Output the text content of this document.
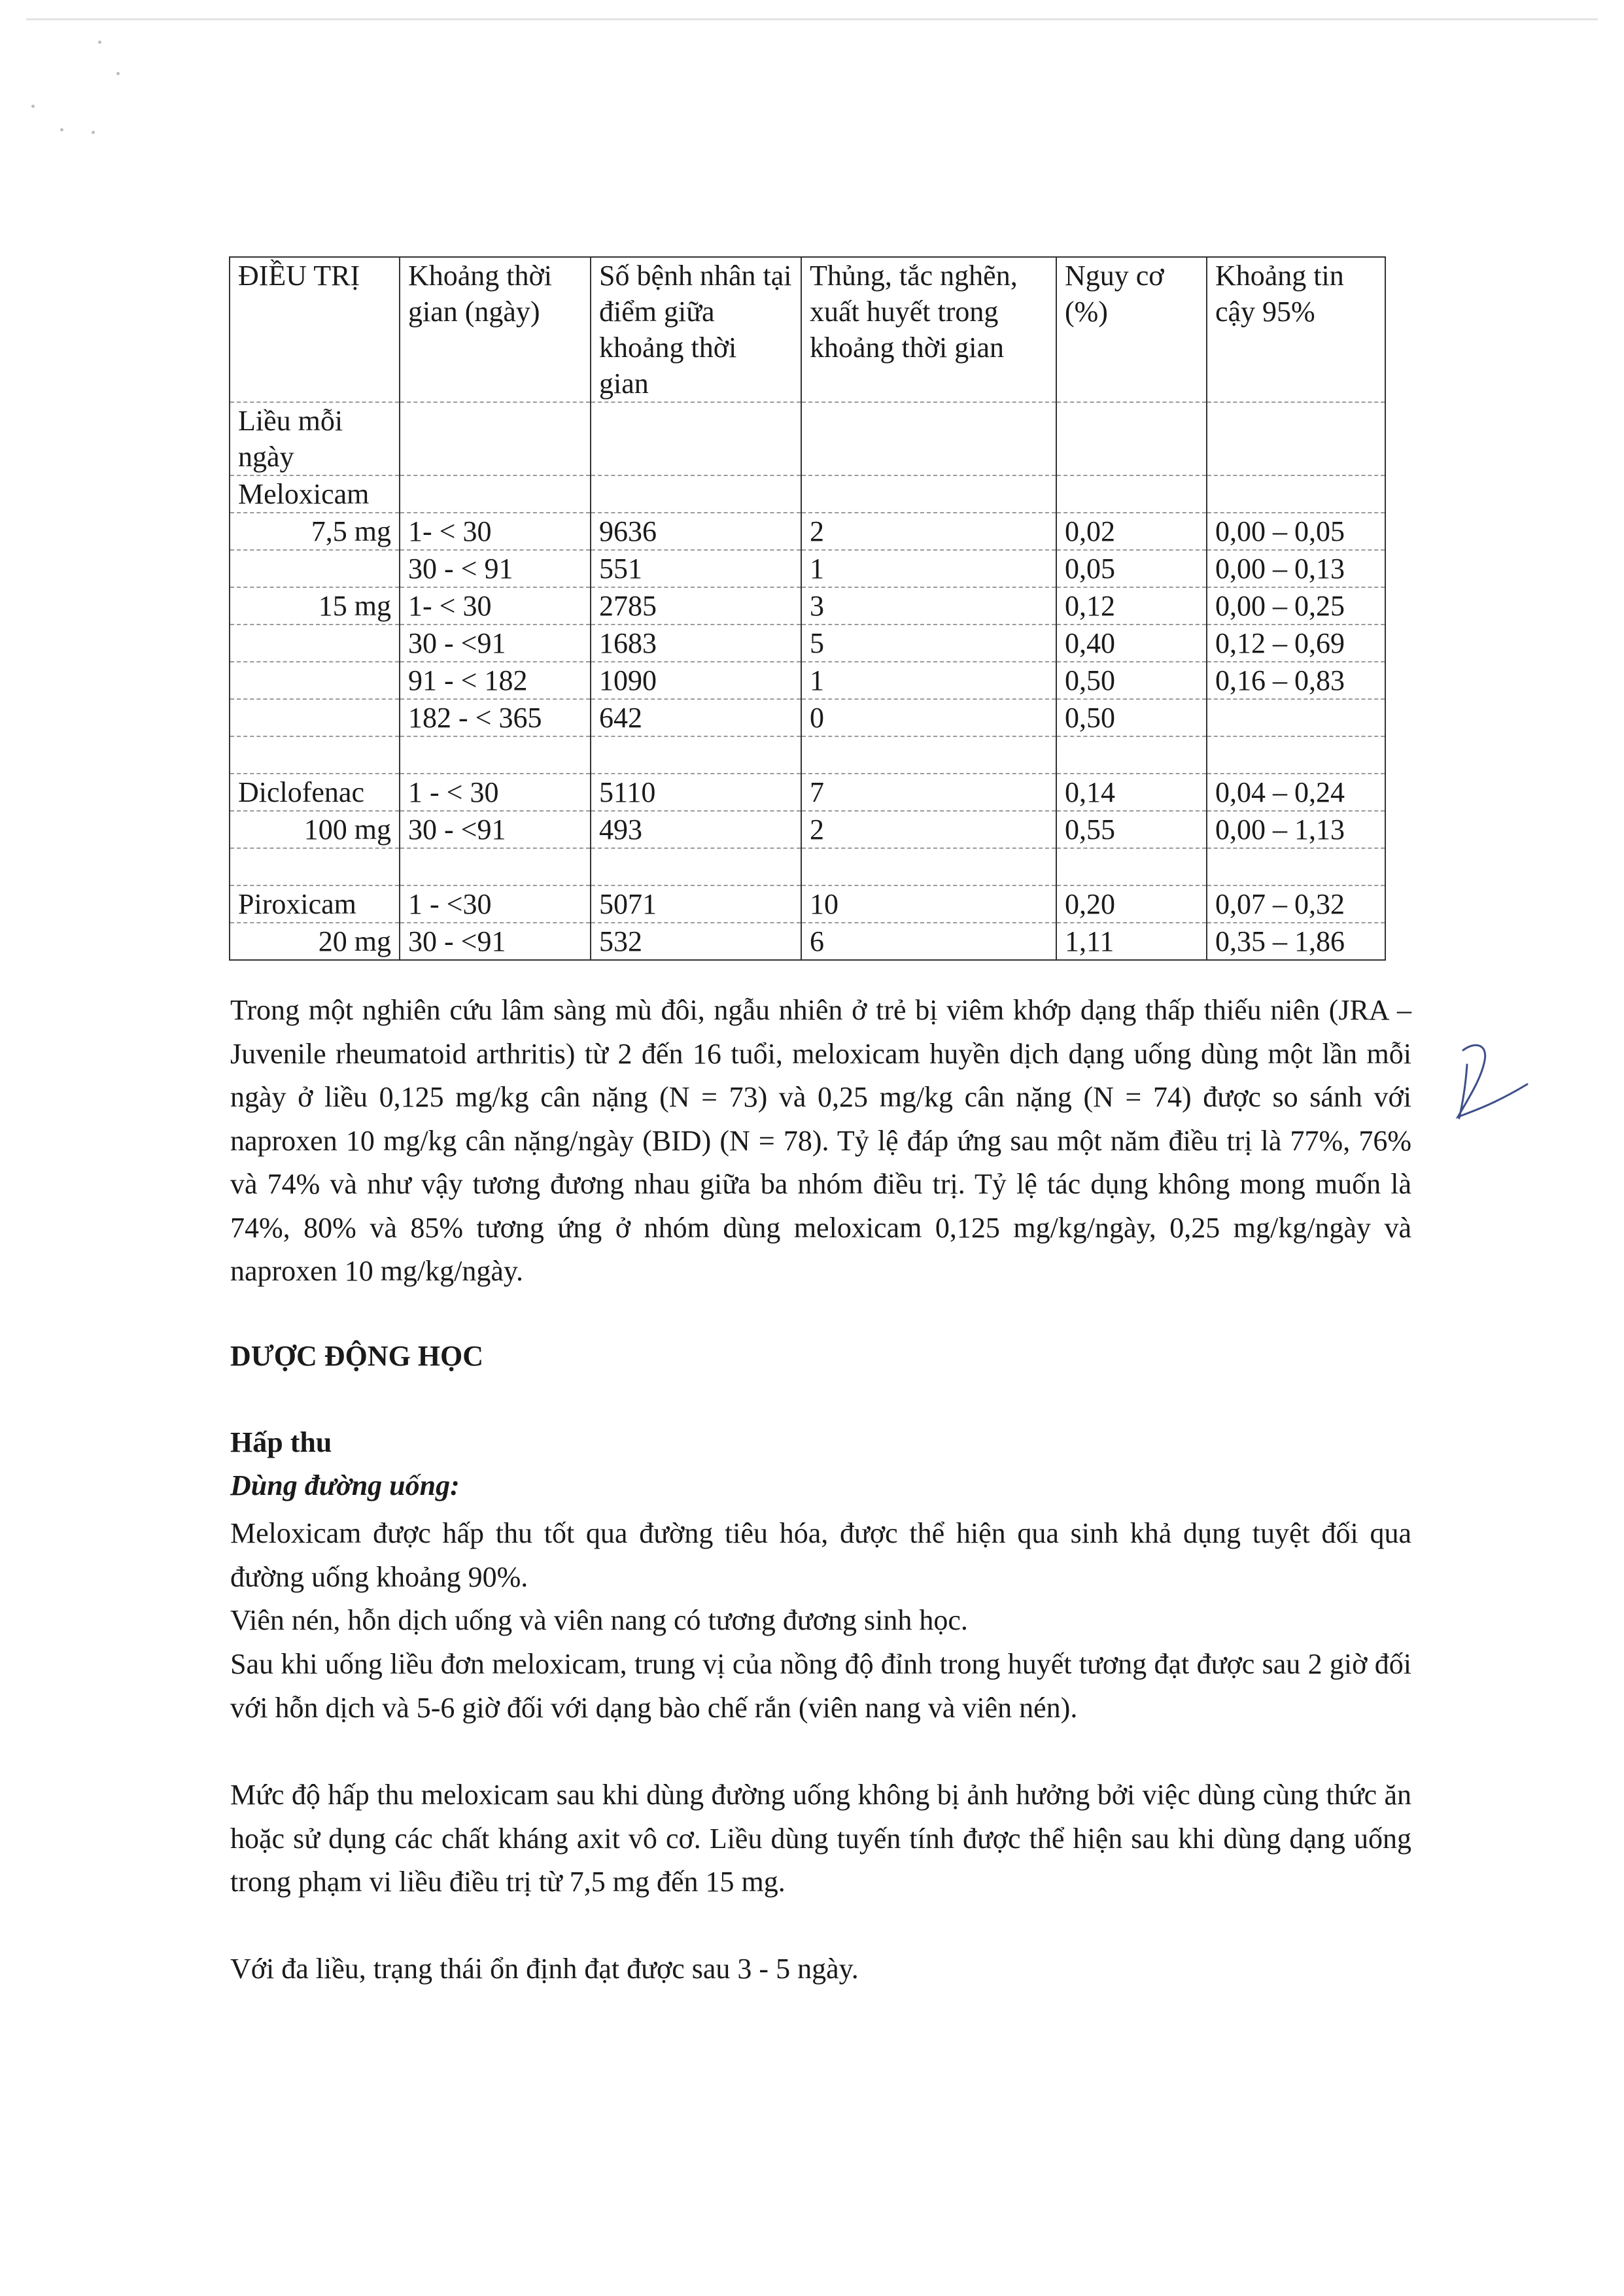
ĐIỀU TRỊ	Khoảng thời gian (ngày)	Số bệnh nhân tại điểm giữa khoảng thời gian	Thủng, tắc nghẽn, xuất huyết trong khoảng thời gian	Nguy cơ (%)	Khoảng tin cậy 95%
Liều mỗi ngày					
Meloxicam					
7,5 mg	1- < 30	9636	2	0,02	0,00 – 0,05
	30 - < 91	551	1	0,05	0,00 – 0,13
15 mg	1- < 30	2785	3	0,12	0,00 – 0,25
	30 - <91	1683	5	0,40	0,12 – 0,69
	91 - < 182	1090	1	0,50	0,16 – 0,83
	182 - < 365	642	0	0,50	

Diclofenac	1 - < 30	5110	7	0,14	0,04 – 0,24
100 mg	30 - <91	493	2	0,55	0,00 – 1,13

Piroxicam	1 - <30	5071	10	0,20	0,07 – 0,32
20 mg	30 - <91	532	6	1,11	0,35 – 1,86

Trong một nghiên cứu lâm sàng mù đôi, ngẫu nhiên ở trẻ bị viêm khớp dạng thấp thiếu niên (JRA – Juvenile rheumatoid arthritis) từ 2 đến 16 tuổi, meloxicam huyền dịch dạng uống dùng một lần mỗi ngày ở liều 0,125 mg/kg cân nặng (N = 73) và 0,25 mg/kg cân nặng (N = 74) được so sánh với naproxen 10 mg/kg cân nặng/ngày (BID) (N = 78). Tỷ lệ đáp ứng sau một năm điều trị là 77%, 76% và 74% và như vậy tương đương nhau giữa ba nhóm điều trị. Tỷ lệ tác dụng không mong muốn là 74%, 80% và 85% tương ứng ở nhóm dùng meloxicam 0,125 mg/kg/ngày, 0,25 mg/kg/ngày và naproxen 10 mg/kg/ngày.

DƯỢC ĐỘNG HỌC

Hấp thu

Dùng đường uống:

Meloxicam được hấp thu tốt qua đường tiêu hóa, được thể hiện qua sinh khả dụng tuyệt đối qua đường uống khoảng 90%.

Viên nén, hỗn dịch uống và viên nang có tương đương sinh học.

Sau khi uống liều đơn meloxicam, trung vị của nồng độ đỉnh trong huyết tương đạt được sau 2 giờ đối với hỗn dịch và 5-6 giờ đối với dạng bào chế rắn (viên nang và viên nén).

Mức độ hấp thu meloxicam sau khi dùng đường uống không bị ảnh hưởng bởi việc dùng cùng thức ăn hoặc sử dụng các chất kháng axit vô cơ. Liều dùng tuyến tính được thể hiện sau khi dùng dạng uống trong phạm vi liều điều trị từ 7,5 mg đến 15 mg.

Với đa liều, trạng thái ổn định đạt được sau 3 - 5 ngày.
